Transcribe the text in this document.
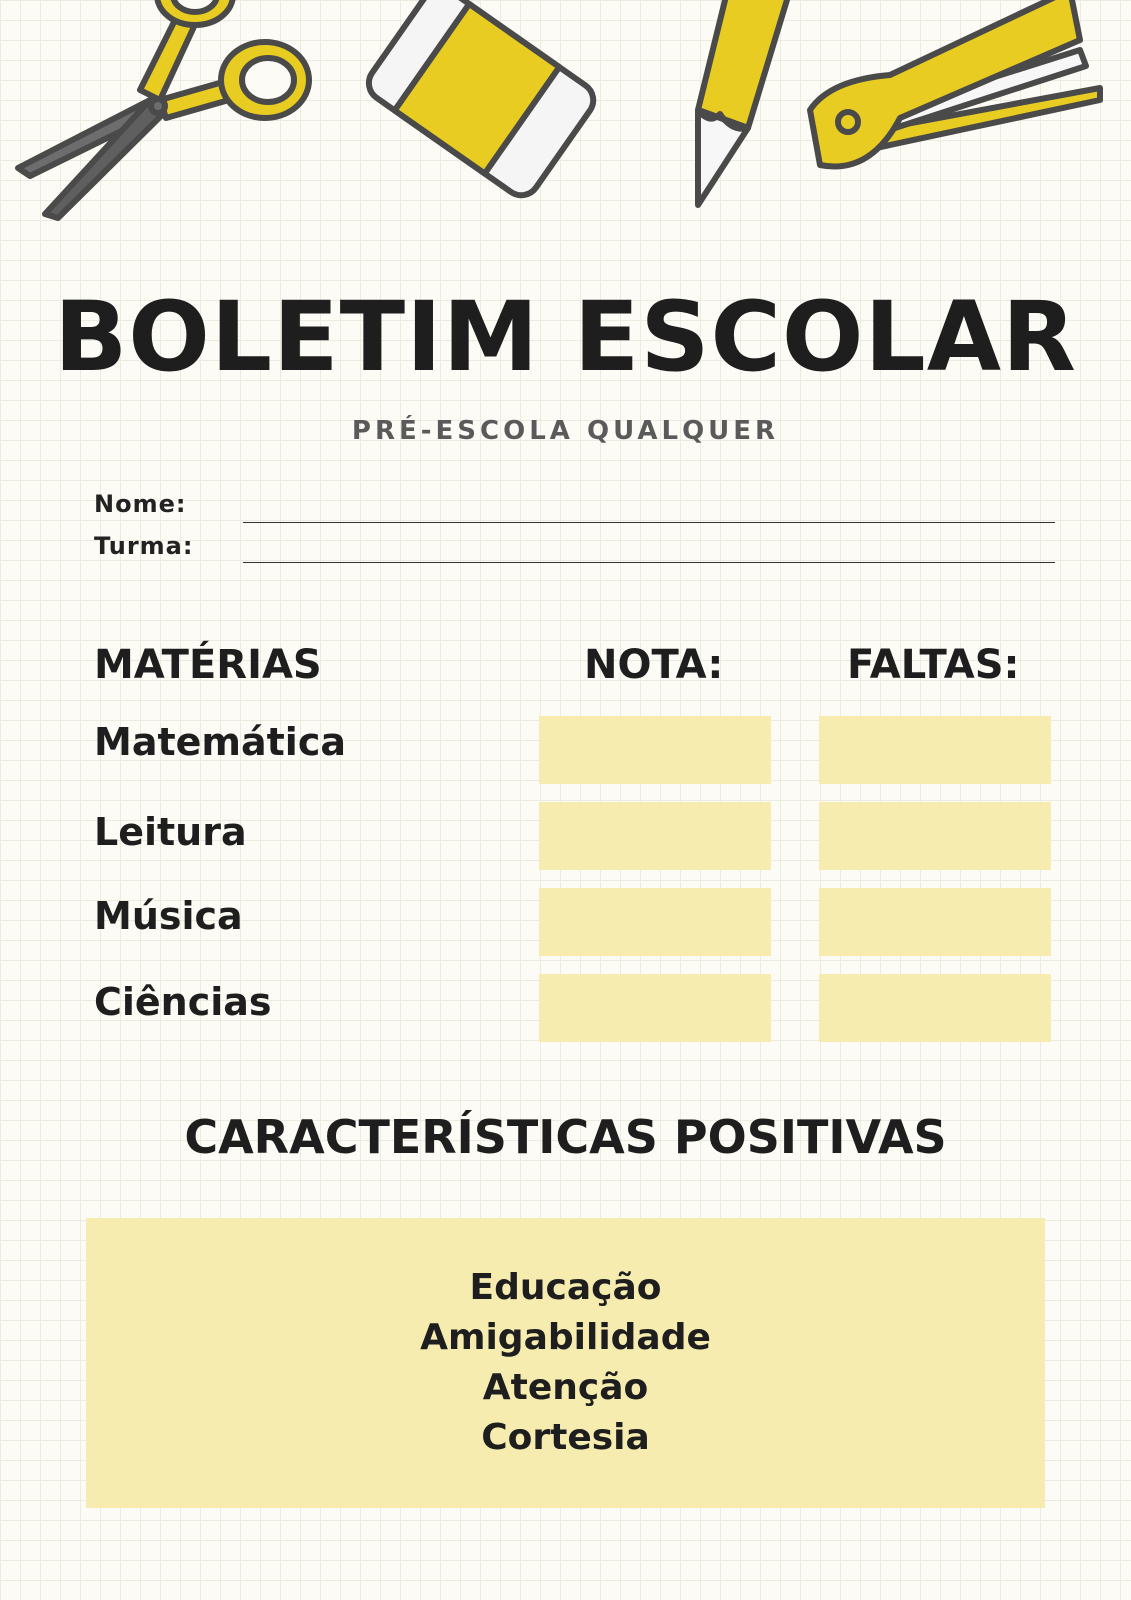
BOLETIM ESCOLAR
PRÉ-ESCOLA QUALQUER
Nome:
Turma:
MATÉRIAS	NOTA:	FALTAS:
Matemática
Leitura
Música
Ciências
CARACTERÍSTICAS POSITIVAS
Educação
Amigabilidade
Atenção
Cortesia
